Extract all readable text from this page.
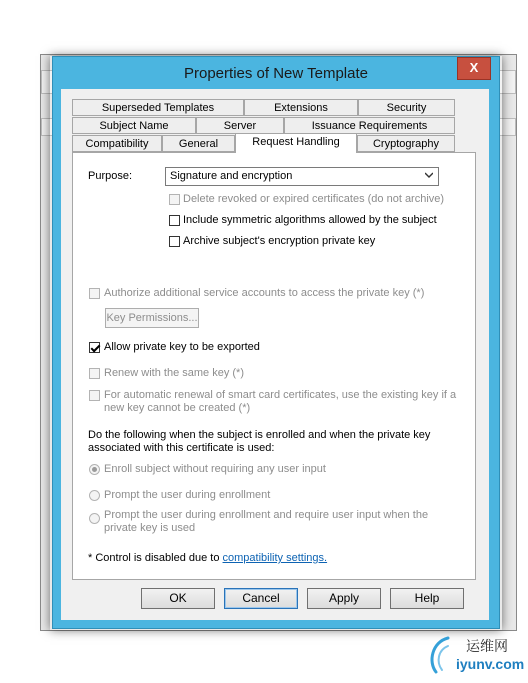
Properties of New Template	X
Superseded Templates	Extensions	Security
Subject Name	Server	Issuance Requirements
Compatibility	General	Request Handling	Cryptography
Purpose:	Signature and encryption
Delete revoked or expired certificates (do not archive)
Include symmetric algorithms allowed by the subject
Archive subject's encryption private key
Authorize additional service accounts to access the private key (*)
Key Permissions...
Allow private key to be exported
Renew with the same key (*)
For automatic renewal of smart card certificates, use the existing key if a
new key cannot be created (*)
Do the following when the subject is enrolled and when the private key
associated with this certificate is used:
Enroll subject without requiring any user input
Prompt the user during enrollment
Prompt the user during enrollment and require user input when the
private key is used
* Control is disabled due to compatibility settings.
OK	Cancel	Apply	Help
运维网
iyunv.com
